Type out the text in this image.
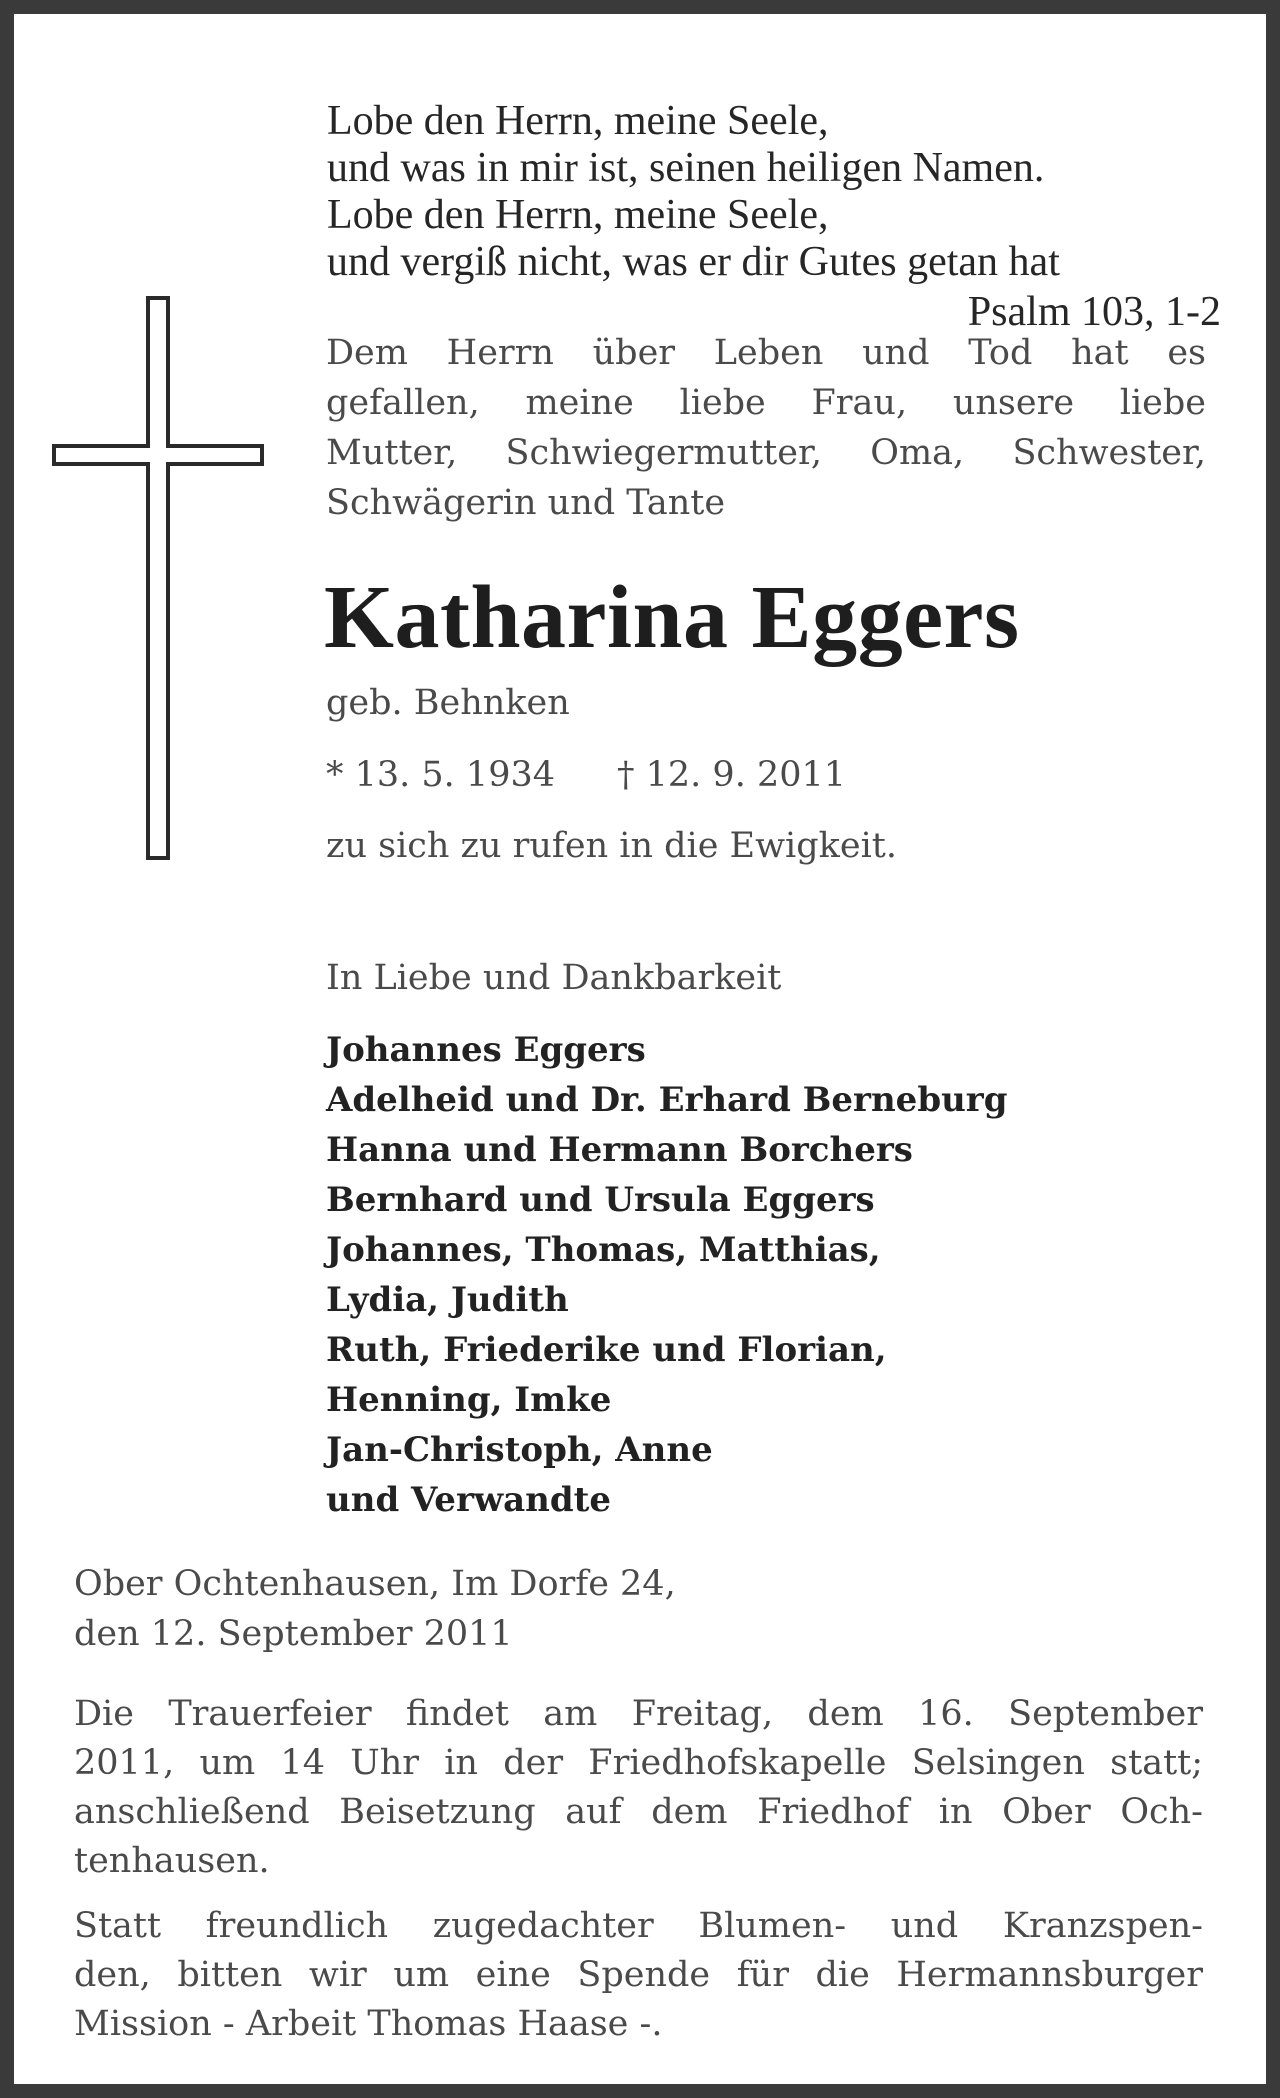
Lobe den Herrn, meine Seele,
und was in mir ist, seinen heiligen Namen.
Lobe den Herrn, meine Seele,
und vergiß nicht, was er dir Gutes getan hat
Psalm 103, 1-2
Dem Herrn über Leben und Tod hat es
gefallen, meine liebe Frau, unsere liebe
Mutter, Schwiegermutter, Oma, Schwester,
Schwägerin und Tante
Katharina Eggers
geb. Behnken
* 13. 5. 1934 † 12. 9. 2011
zu sich zu rufen in die Ewigkeit.
In Liebe und Dankbarkeit
Johannes Eggers
Adelheid und Dr. Erhard Berneburg
Hanna und Hermann Borchers
Bernhard und Ursula Eggers
Johannes, Thomas, Matthias,
Lydia, Judith
Ruth, Friederike und Florian,
Henning, Imke
Jan-Christoph, Anne
und Verwandte
Ober Ochtenhausen, Im Dorfe 24,
den 12. September 2011
Die Trauerfeier findet am Freitag, dem 16. September
2011, um 14 Uhr in der Friedhofskapelle Selsingen statt;
anschließend Beisetzung auf dem Friedhof in Ober Och-
tenhausen.
Statt freundlich zugedachter Blumen- und Kranzspen-
den, bitten wir um eine Spende für die Hermannsburger
Mission - Arbeit Thomas Haase -.
